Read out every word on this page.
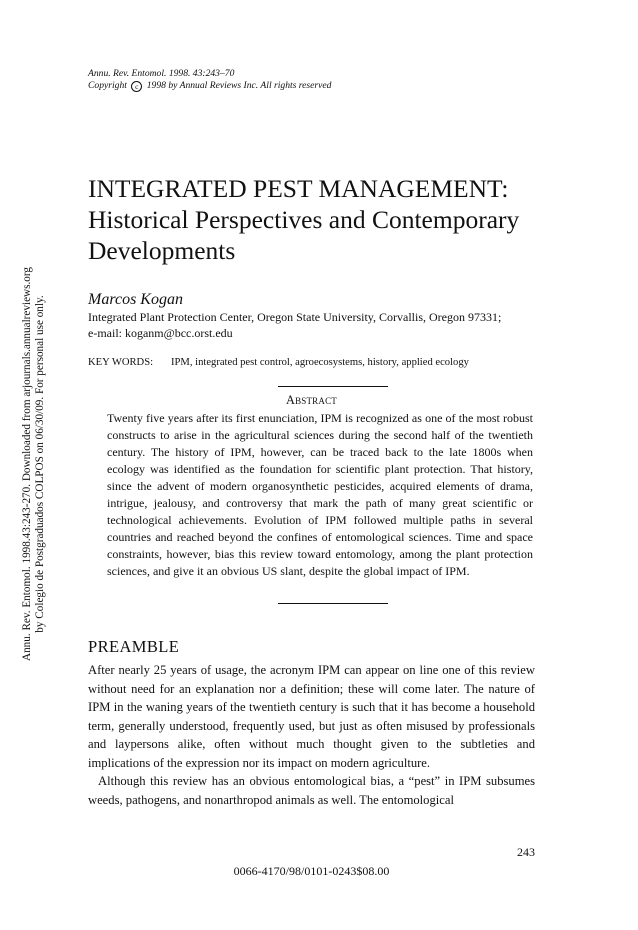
Annu. Rev. Entomol. 1998.43:243-270. Downloaded from arjournals.annualreviews.org by Colegio de Postgraduados COLPOS on 06/30/09. For personal use only.
Annu. Rev. Entomol. 1998. 43:243–70
Copyright c 1998 by Annual Reviews Inc. All rights reserved
INTEGRATED PEST MANAGEMENT:
Historical Perspectives and Contemporary
Developments
Marcos Kogan
Integrated Plant Protection Center, Oregon State University, Corvallis, Oregon 97331;
e-mail: koganm@bcc.orst.edu
KEY WORDS: IPM, integrated pest control, agroecosystems, history, applied ecology
Abstract

Twenty five years after its first enunciation, IPM is recognized as one of the most robust constructs to arise in the agricultural sciences during the second half of the twentieth century. The history of IPM, however, can be traced back to the late 1800s when ecology was identified as the foundation for scientific plant protection. That history, since the advent of modern organosynthetic pesticides, acquired elements of drama, intrigue, jealousy, and controversy that mark the path of many great scientific or technological achievements. Evolution of IPM followed multiple paths in several countries and reached beyond the confines of entomological sciences. Time and space constraints, however, bias this review toward entomology, among the plant protection sciences, and give it an obvious US slant, despite the global impact of IPM.

PREAMBLE

After nearly 25 years of usage, the acronym IPM can appear on line one of this review without need for an explanation nor a definition; these will come later. The nature of IPM in the waning years of the twentieth century is such that it has become a household term, generally understood, frequently used, but just as often misused by professionals and laypersons alike, often without much thought given to the subtleties and implications of the expression nor its impact on modern agriculture.

Although this review has an obvious entomological bias, a “pest” in IPM subsumes weeds, pathogens, and nonarthropod animals as well. The entomological

243
0066-4170/98/0101-0243$08.00
